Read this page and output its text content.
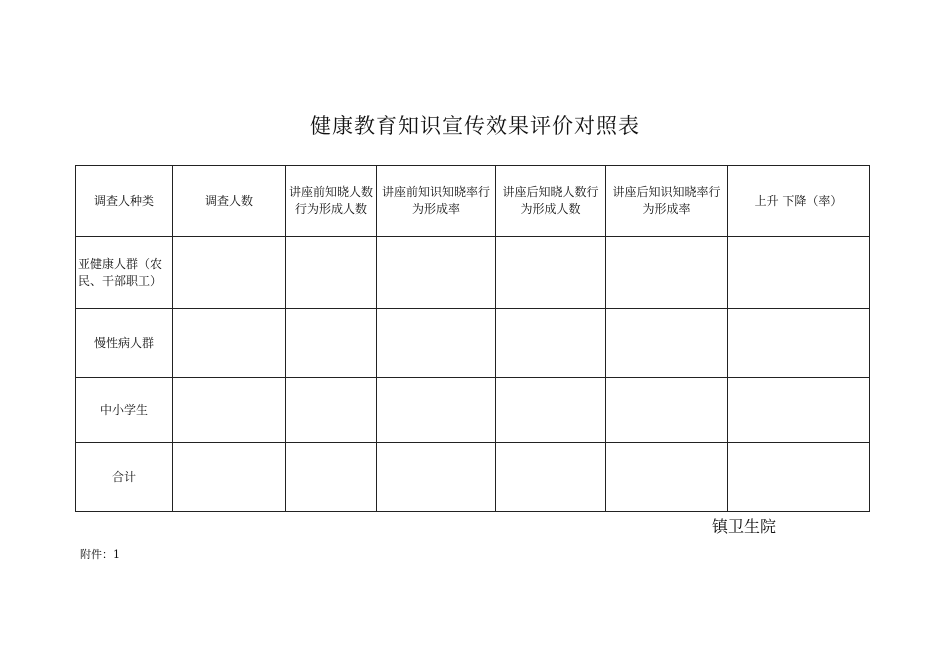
健康教育知识宣传效果评价对照表
调查人种类	调查人数	讲座前知晓人数 行为形成人数	讲座前知识知晓率行为形成率	讲座后知晓人数行为形成人数	讲座后知识知晓率行为形成率	上升 下降（率）
亚健康人群（农民、干部职工）						
慢性病人群						
中小学生						
合计						
镇卫生院
附件：1
